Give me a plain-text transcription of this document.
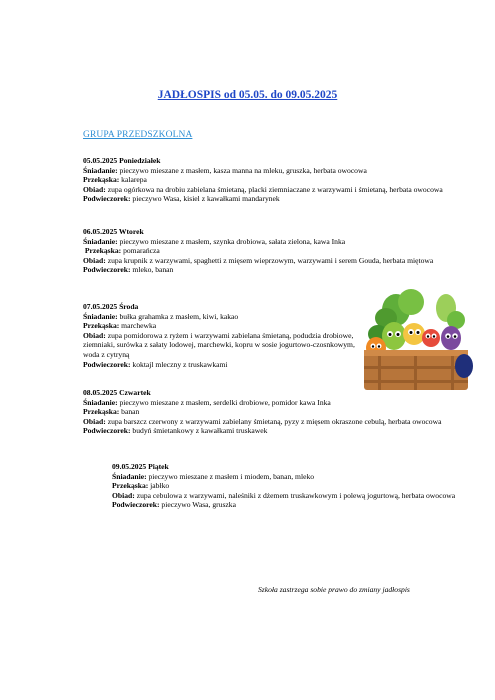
JADŁOSPIS od 05.05. do 09.05.2025
GRUPA PRZEDSZKOLNA

05.05.2025 Poniedziałek

Śniadanie: pieczywo mieszane z masłem, kasza manna na mleku, gruszka, herbata owocowa

Przekąska: kalarepa

Obiad: zupa ogórkowa na drobiu zabielana śmietaną, placki ziemniaczane z warzywami i śmietaną, herbata owocowa

Podwieczorek: pieczywo Wasa, kisiel z kawałkami mandarynek

06.05.2025 Wtorek

Śniadanie: pieczywo mieszane z masłem, szynka drobiowa, sałata zielona, kawa Inka

Przekąska: pomarańcza

Obiad: zupa krupnik z warzywami, spaghetti z mięsem wieprzowym, warzywami i serem Gouda, herbata miętowa

Podwieczorek: mleko, banan

07.05.2025 Środa

Śniadanie: bułka grahamka z masłem, kiwi, kakao

Przekąska: marchewka

Obiad: zupa pomidorowa z ryżem i warzywami zabielana śmietaną, podudzia drobiowe, ziemniaki, surówka z sałaty lodowej, marchewki, kopru w sosie jogurtowo-czosnkowym, woda z cytryną

Podwieczorek: koktajl mleczny z truskawkami

08.05.2025 Czwartek

Śniadanie: pieczywo mieszane z masłem, serdelki drobiowe, pomidor kawa Inka

Przekąska: banan

Obiad: zupa barszcz czerwony z warzywami zabielany śmietaną, pyzy z mięsem okraszone cebulą, herbata owocowa

Podwieczorek: budyń śmietankowy z kawałkami truskawek

09.05.2025 Piątek

Śniadanie: pieczywo mieszane z masłem i miodem, banan, mleko

Przekąska: jabłko

Obiad: zupa cebulowa z warzywami, naleśniki z dżemem truskawkowym i polewą jogurtową, herbata owocowa

Podwieczorek: pieczywo Wasa, gruszka

Szkoła zastrzega sobie prawo do zmiany jadłospis
